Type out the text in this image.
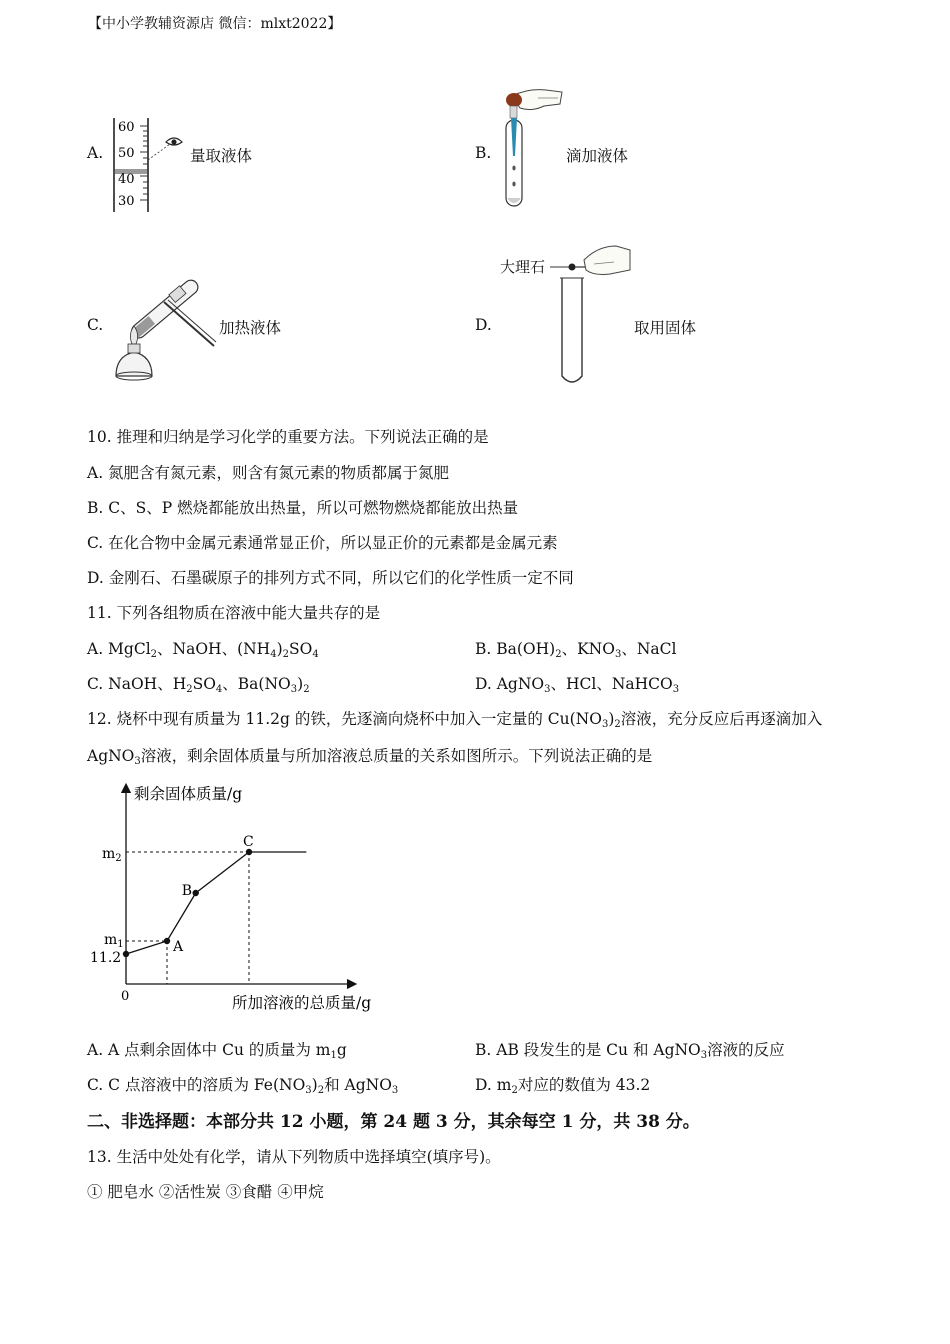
【中小学教辅资源店 微信：mlxt2022】
A.
60
50
40
30
量取液体	B.	滴加液体
C.	加热液体	D.
大理石
取用固体
10. 推理和归纳是学习化学的重要方法。下列说法正确的是
A. 氮肥含有氮元素，则含有氮元素的物质都属于氮肥
B. C、S、P 燃烧都能放出热量，所以可燃物燃烧都能放出热量
C. 在化合物中金属元素通常显正价，所以显正价的元素都是金属元素
D. 金刚石、石墨碳原子的排列方式不同，所以它们的化学性质一定不同
11. 下列各组物质在溶液中能大量共存的是
A. MgCl$_2$、NaOH、$(NH_4)_2SO_4$	B. $Ba(OH)_2$、$KNO_3$、NaCl
C. NaOH、$H_2SO_4$、$Ba(NO_3)_2$	D. AgNO$_3$、HCl、NaHCO$_3$
12. 烧杯中现有质量为 11.2g 的铁，先逐滴向烧杯中加入一定量的 $Cu(NO_3)_2$溶液，充分反应后再逐滴加入
AgNO$_3$溶液，剩余固体质量与所加溶液总质量的关系如图所示。下列说法正确的是
剩余固体质量/g
所加溶液的总质量/g
0
$m_2$
$m_1$
11.2
A
B
C
A. A 点剩余固体中 Cu 的质量为 $m_1g$	B. AB 段发生的是 Cu 和 AgNO$_3$溶液的反应
C. C 点溶液中的溶质为 $Fe(NO_3)_2$和 AgNO$_3$	D. $m_2$对应的数值为 43.2
二、非选择题：本部分共 12 小题，第 24 题 3 分，其余每空 1 分，共 38 分。
13. 生活中处处有化学，请从下列物质中选择填空(填序号)。
① 肥皂水 ②活性炭 ③食醋 ④甲烷
